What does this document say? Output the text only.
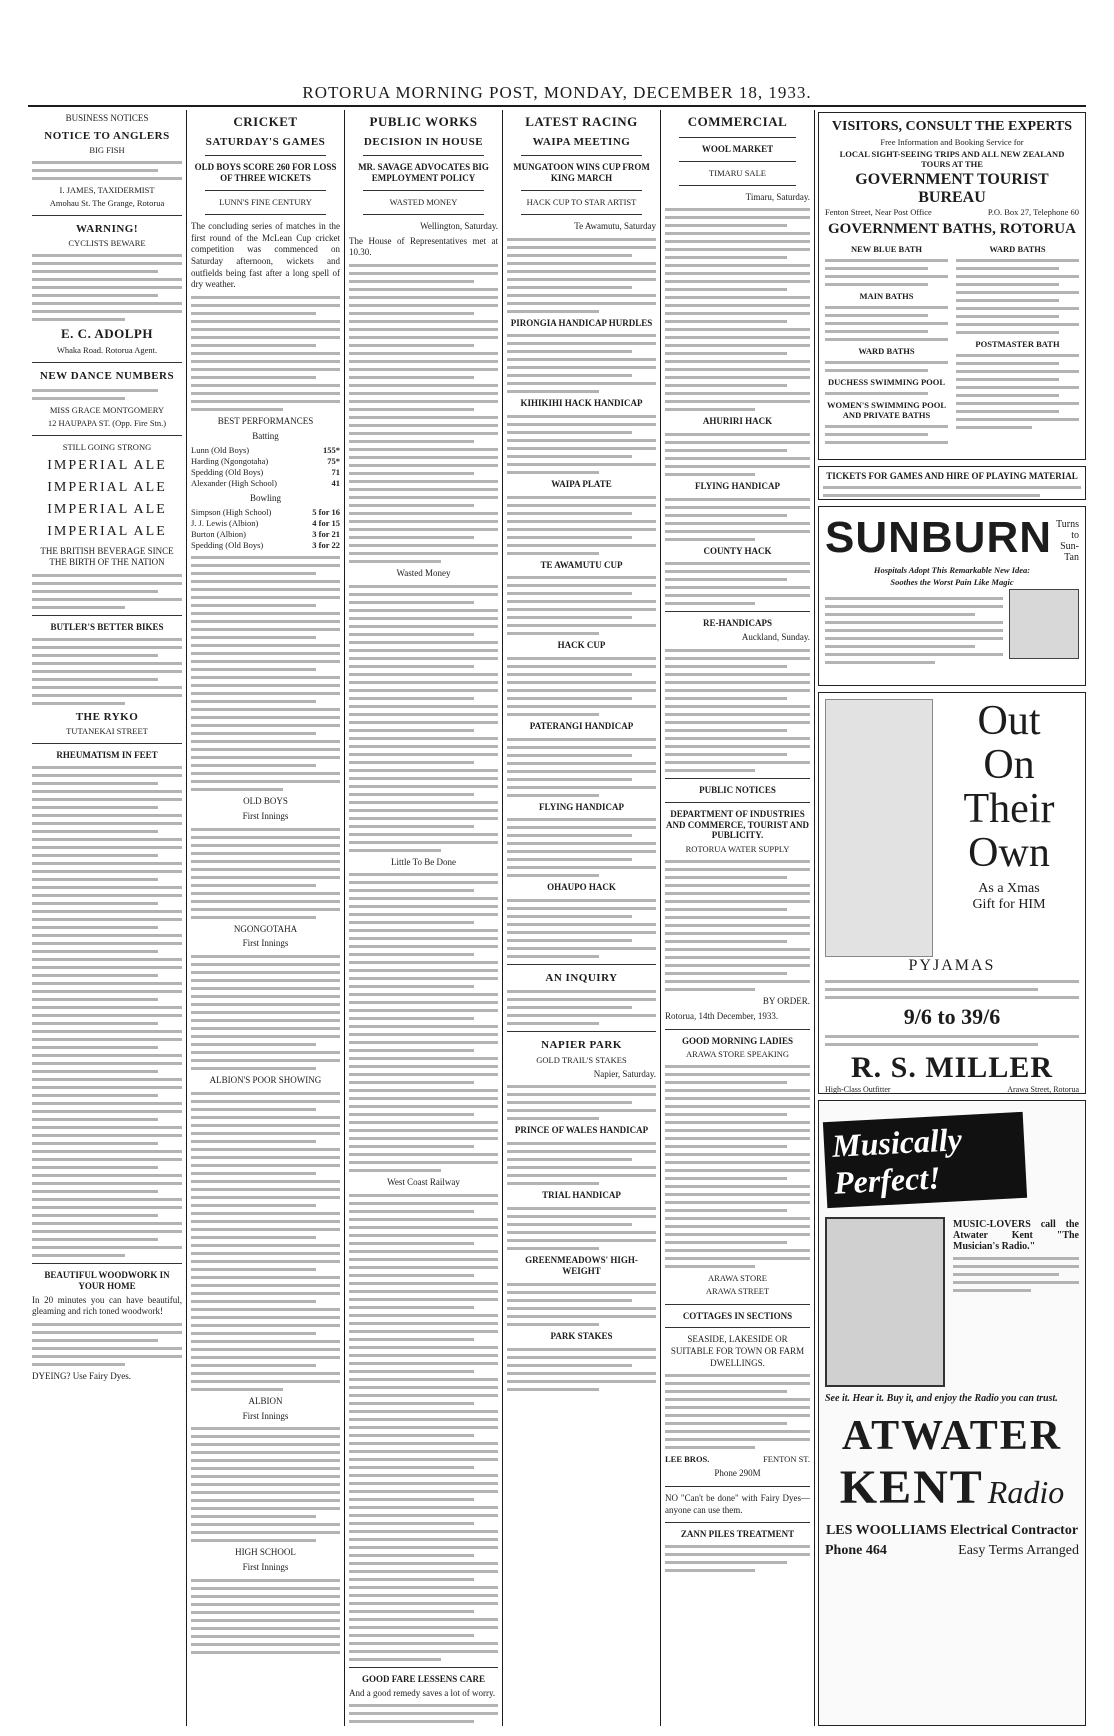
ROTORUA MORNING POST, MONDAY, DECEMBER 18, 1933.
BUSINESS NOTICES
NOTICE TO ANGLERS
BIG FISH
I. JAMES, TAXIDERMIST
Amohau St. The Grange, Rotorua
WARNING!
CYCLISTS BEWARE
E. C. ADOLPH
Whaka Road. Rotorua Agent.
NEW DANCE NUMBERS
MISS GRACE MONTGOMERY
12 HAUPAPA ST. (Opp. Fire Stn.)
STILL GOING STRONG
IMPERIAL ALE
IMPERIAL ALE
IMPERIAL ALE
IMPERIAL ALE
THE BRITISH BEVERAGE SINCE THE BIRTH OF THE NATION
BUTLER'S BETTER BIKES
THE RYKO
TUTANEKAI STREET
RHEUMATISM IN FEET
BEAUTIFUL WOODWORK IN YOUR HOME
In 20 minutes you can have beautiful, gleaming and rich toned woodwork!
DYEING? Use Fairy Dyes.
CRICKET
SATURDAY'S GAMES
OLD BOYS SCORE 260 FOR LOSS OF THREE WICKETS
LUNN'S FINE CENTURY
The concluding series of matches in the first round of the McLean Cup cricket competition was commenced on Saturday afternoon, wickets and outfields being fast after a long spell of dry weather.
BEST PERFORMANCES
Batting
Lunn (Old Boys)	155*
Harding (Ngongotaha)	75*
Spedding (Old Boys)	71
Alexander (High School)	41
Bowling
Simpson (High School)	5 for 16
J. J. Lewis (Albion)	4 for 15
Burton (Albion)	3 for 21
Spedding (Old Boys)	3 for 22
OLD BOYS
First Innings
NGONGOTAHA
First Innings
ALBION'S POOR SHOWING
ALBION
First Innings
HIGH SCHOOL
First Innings
PUBLIC WORKS
DECISION IN HOUSE
MR. SAVAGE ADVOCATES BIG EMPLOYMENT POLICY
WASTED MONEY
Wellington, Saturday.
The House of Representatives met at 10.30.
Wasted Money
Little To Be Done
West Coast Railway
GOOD FARE LESSENS CARE
And a good remedy saves a lot of worry.
LATEST RACING
WAIPA MEETING
MUNGATOON WINS CUP FROM KING MARCH
HACK CUP TO STAR ARTIST
Te Awamutu, Saturday
PIRONGIA HANDICAP HURDLES
KIHIKIHI HACK HANDICAP
WAIPA PLATE
TE AWAMUTU CUP
HACK CUP
PATERANGI HANDICAP
FLYING HANDICAP
OHAUPO HACK
AN INQUIRY
NAPIER PARK
GOLD TRAIL'S STAKES
Napier, Saturday.
PRINCE OF WALES HANDICAP
TRIAL HANDICAP
GREENMEADOWS' HIGH-WEIGHT
PARK STAKES
COMMERCIAL
WOOL MARKET
TIMARU SALE
Timaru, Saturday.
AHURIRI HACK
FLYING HANDICAP
COUNTY HACK
RE-HANDICAPS
Auckland, Sunday.
PUBLIC NOTICES
DEPARTMENT OF INDUSTRIES AND COMMERCE, TOURIST AND PUBLICITY.
ROTORUA WATER SUPPLY
BY ORDER.
Rotorua, 14th December, 1933.
GOOD MORNING LADIES
ARAWA STORE SPEAKING
ARAWA STORE
ARAWA STREET
COTTAGES IN SECTIONS
SEASIDE, LAKESIDE OR SUITABLE FOR TOWN OR FARM DWELLINGS.
LEE BROS.	FENTON ST.
Phone 290M
NO "Can't be done" with Fairy Dyes—anyone can use them.
ZANN PILES TREATMENT
VISITORS, CONSULT THE EXPERTS
Free Information and Booking Service for
LOCAL SIGHT-SEEING TRIPS AND ALL NEW ZEALAND TOURS AT THE
GOVERNMENT TOURIST BUREAU
Fenton Street, Near Post Office	P.O. Box 27, Telephone 60
GOVERNMENT BATHS, ROTORUA
NEW BLUE BATH
MAIN BATHS
WARD BATHS
DUCHESS SWIMMING POOL
WOMEN'S SWIMMING POOL AND PRIVATE BATHS
WARD BATHS
POSTMASTER BATH
TICKETS FOR GAMES AND HIRE OF PLAYING MATERIAL
SUNBURN Turns to Sun-Tan
Hospitals Adopt This Remarkable New Idea:
Soothes the Worst Pain Like Magic
Out
On
Their
Own
As a Xmas
Gift for HIM
PYJAMAS
9/6 to 39/6
R. S. MILLER
High-Class Outfitter	Arawa Street, Rotorua
Musically
Perfect!
MUSIC-LOVERS call the Atwater Kent "The Musician's Radio."
See it. Hear it. Buy it, and enjoy the Radio you can trust.
ATWATER
KENT Radio
LES WOOLLIAMS Electrical Contractor
Phone 464	Easy Terms Arranged
